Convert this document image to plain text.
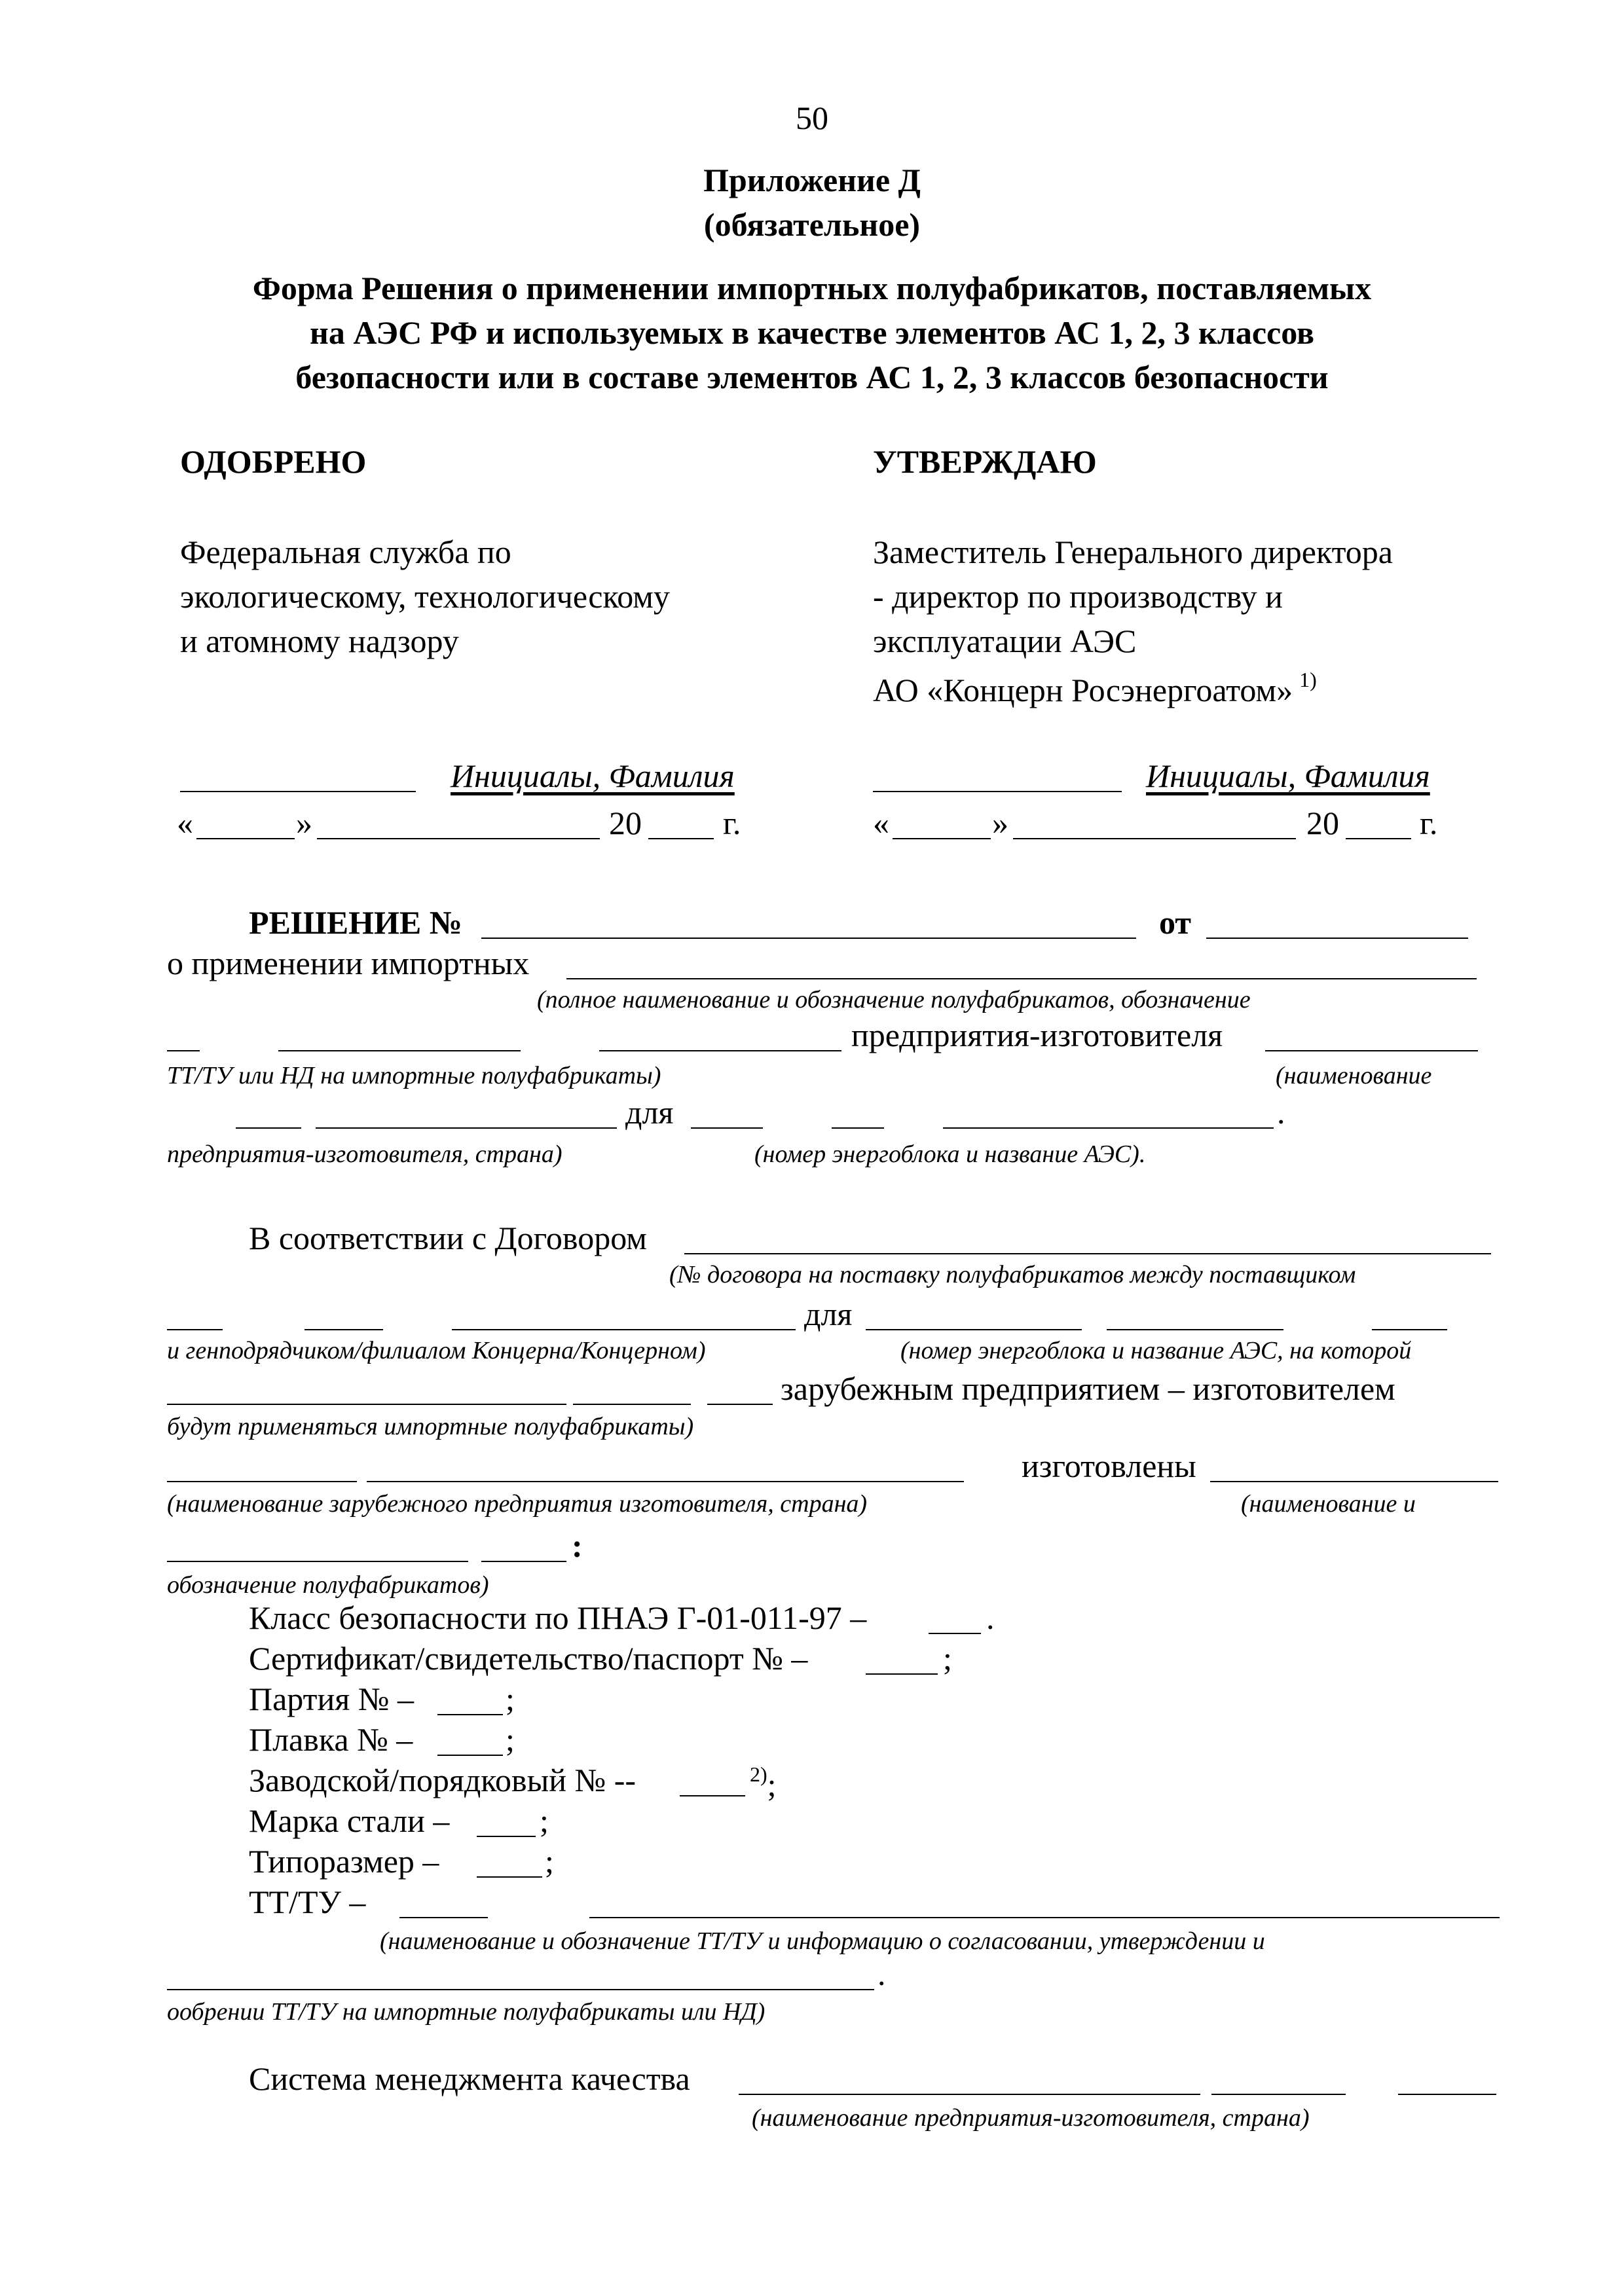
50
Приложение Д
(обязательное)
Форма Решения о применении импортных полуфабрикатов, поставляемых
на АЭС РФ и используемых в качестве элементов АС 1, 2, 3 классов
безопасности или в составе элементов АС 1, 2, 3 классов безопасности
ОДОБРЕНО
Федеральная служба по
экологическому, технологическому
и атомному надзору
Инициалы, Фамилия
«	»	20 г.
УТВЕРЖДАЮ
Заместитель Генерального директора
- директор по производству и
эксплуатации АЭС
АО «Концерн Росэнергоатом» $^{1)}$
Инициалы, Фамилия
«	»	20 г.
РЕШЕНИЕ №	от
о применении импортных
(полное наименование и обозначение полуфабрикатов, обозначение
предприятия-изготовителя
ТТ/ТУ или НД на импортные полуфабрикаты)	(наименование
для	.
предприятия-изготовителя, страна)	(номер энергоблока и название АЭС).
В соответствии с Договором
(№ договора на поставку полуфабрикатов между поставщиком
для
и генподрядчиком/филиалом Концерна/Концерном)	(номер энергоблока и название АЭС, на которой
зарубежным предприятием – изготовителем
будут применяться импортные полуфабрикаты)
изготовлены
(наименование зарубежного предприятия изготовителя, страна)	(наименование и
:
обозначение полуфабрикатов)
Класс безопасности по ПНАЭ Г-01-011-97 –	.
Сертификат/свидетельство/паспорт № –	;
Партия № –	;
Плавка № –	;
Заводской/порядковый № --	$^{2)}$;
Марка стали –	;
Типоразмер –	;
ТТ/ТУ –
(наименование и обозначение ТТ/ТУ и информацию о согласовании, утверждении и
.
ообрении ТТ/ТУ на импортные полуфабрикаты или НД)
Система менеджмента качества
(наименование предприятия-изготовителя, страна)
